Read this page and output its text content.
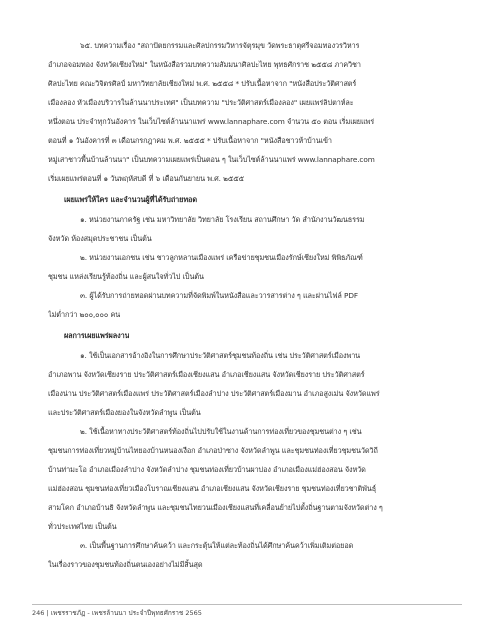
๖๕. บทความเรื่อง "สถาปัตยกรรมและศิลปกรรมวิหารจัตุรมุข วัดพระธาตุศรีจอมทองวรวิหาร
อำเภอจอมทอง จังหวัดเชียงใหม่" ในหนังสือรวมบทความสัมมนาศิลปะไทย พุทธศักราช ๒๕๕๘ ภาควิชา
ศิลปะไทย คณะวิจิตรศิลป์ มหาวิทยาลัยเชียงใหม่ พ.ศ. ๒๕๕๘ * ปรับเนื้อหาจาก "หนังสือประวัติศาสตร์
เมืองลอง หัวเมืองบริวารในล้านนาประเทศ" เป็นบทความ "ประวัติศาสตร์เมืองลอง" เผยแพร่ลิปตาห์ละ
หนึ่งตอน ประจำทุกวันอังคาร ในเว็บไซต์ล้านนาแพร่ www.lannaphare.com จำนวน ๕๐ ตอน เริ่มเผยแพร่
ตอนที่ ๑ วันอังคารที่ ๓ เดือนกรกฎาคม พ.ศ. ๒๕๕๕ * ปรับเนื้อหาจาก "หนังสือชาวห้าบ้านเข้า
หมู่เสาชาวพื้นบ้านล้านนา" เป็นบทความเผยแพร่เป็นตอน ๆ ในเว็บไซต์ล้านนาแพร่ www.lannaphare.com
เริ่มเผยแพร่ตอนที่ ๑ วันพฤหัสบดี ที่ ๖ เดือนกันยายน พ.ศ. ๒๕๕๕
เผยแพร่ให้ใคร และจำนวนผู้ที่ได้รับถ่ายทอด
๑. หน่วยงานภาครัฐ เช่น มหาวิทยาลัย วิทยาลัย โรงเรียน สถานศึกษา วัด สำนักงานวัฒนธรรม
จังหวัด ห้องสมุดประชาชน เป็นต้น
๒. หน่วยงานเอกชน เช่น ชาวลูกหลานเมืองแพร่ เครือข่ายชุมชนเมืองรักษ์เชียงใหม่ พิพิธภัณฑ์
ชุมชน แหล่งเรียนรู้ท้องถิ่น และผู้สนใจทั่วไป เป็นต้น
๓. ผู้ได้รับการถ่ายทอดผ่านบทความที่จัดพิมพ์ในหนังสือและวารสารต่าง ๆ และผ่านไฟล์ PDF
ไม่ต่ำกว่า ๒๐๐,๐๐๐ คน
ผลการเผยแพร่ผลงาน
๑. ใช้เป็นเอกสารอ้างอิงในการศึกษาประวัติศาสตร์ชุมชนท้องถิ่น เช่น ประวัติศาสตร์เมืองพาน
อำเภอพาน จังหวัดเชียงราย ประวัติศาสตร์เมืองเชียงแสน อำเภอเชียงแสน จังหวัดเชียงราย ประวัติศาสตร์
เมืองน่าน ประวัติศาสตร์เมืองแพร่ ประวัติศาสตร์เมืองลำปาง ประวัติศาสตร์เมืองมาน อำเภอสูงเม่น จังหวัดแพร่
และประวัติศาสตร์เมืองยองในจังหวัดลำพูน เป็นต้น
๒. ใช้เนื้อหาทางประวัติศาสตร์ท้องถิ่นไปปรับใช้ในงานด้านการท่องเที่ยวของชุมชนต่าง ๆ เช่น
ชุมชนการท่องเที่ยวหมู่บ้านไทยองบ้านหนองเงือก อำเภอป่าซาง จังหวัดลำพูน และชุมชนท่องเที่ยวชุมชนวัดวิถี
บ้านท่ามะโอ อำเภอเมืองลำปาง จังหวัดลำปาง ชุมชนท่องเที่ยวบ้านผาบ่อง อำเภอเมืองแม่ฮ่องสอน จังหวัด
แม่ฮ่องสอน ชุมชนท่องเที่ยวเมืองโบราณเชียงแสน อำเภอเชียงแสน จังหวัดเชียงราย ชุมชนท่องเที่ยวชาติพันธุ์
สามโคก อำเภอบ้านธิ จังหวัดลำพูน และชุมชนไทยวนเมืองเชียงแสนที่เคลื่อนย้ายไปตั้งถิ่นฐานตามจังหวัดต่าง ๆ
ทั่วประเทศไทย เป็นต้น
๓. เป็นพื้นฐานการศึกษาค้นคว้า และกระตุ้นให้แต่ละท้องถิ่นได้ศึกษาค้นคว้าเพิ่มเติมต่อยอด
ในเรื่องราวของชุมชนท้องถิ่นตนเองอย่างไม่มีสิ้นสุด
246 | เพชรราชภัฏ - เพชรล้านนา ประจำปีพุทธศักราช 2565
